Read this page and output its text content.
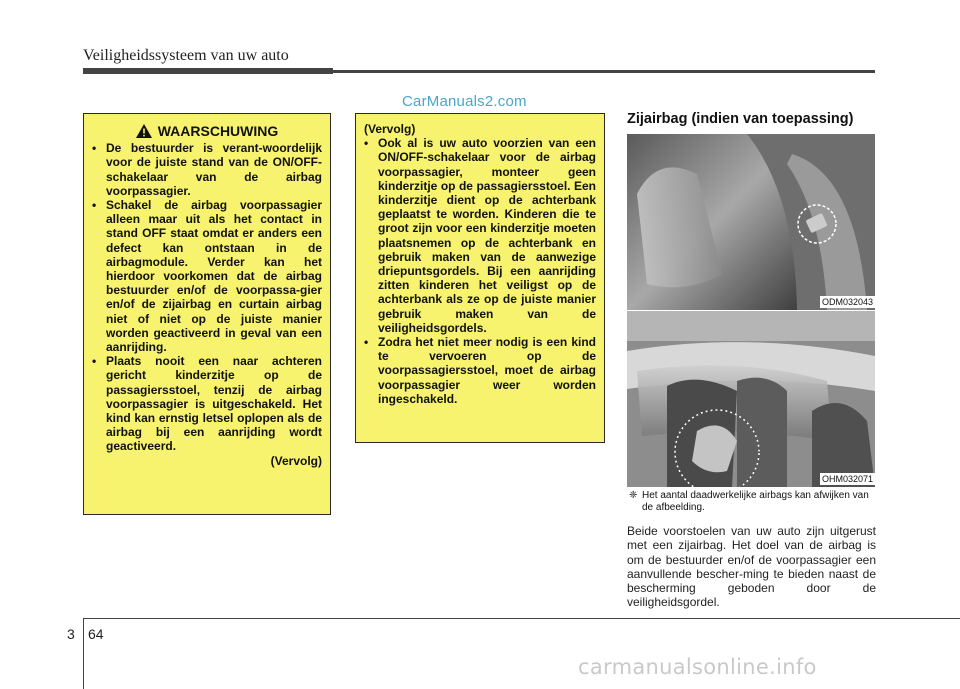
Veiligheidssysteem van uw auto
CarManuals2.com
WAARSCHUWING
• De bestuurder is verant-woordelijk voor de juiste stand van de ON/OFF-schakelaar van de airbag voorpassagier.
• Schakel de airbag voorpassagier alleen maar uit als het contact in stand OFF staat omdat er anders een defect kan ontstaan in de airbagmodule. Verder kan het hierdoor voorkomen dat de airbag bestuurder en/of de voorpassa-gier en/of de zijairbag en curtain airbag niet of niet op de juiste manier worden geactiveerd in geval van een aanrijding.
• Plaats nooit een naar achteren gericht kinderzitje op de passagiersstoel, tenzij de airbag voorpassagier is uitgeschakeld. Het kind kan ernstig letsel oplopen als de airbag bij een aanrijding wordt geactiveerd.
(Vervolg)
(Vervolg)
• Ook al is uw auto voorzien van een ON/OFF-schakelaar voor de airbag voorpassagier, monteer geen kinderzitje op de passagiersstoel. Een kinderzitje dient op de achterbank geplaatst te worden. Kinderen die te groot zijn voor een kinderzitje moeten plaatsnemen op de achterbank en gebruik maken van de aanwezige driepuntsgordels. Bij een aanrijding zitten kinderen het veiligst op de achterbank als ze op de juiste manier gebruik maken van de veiligheidsgordels.
• Zodra het niet meer nodig is een kind te vervoeren op de voorpassagiersstoel, moet de airbag voorpassagier weer worden ingeschakeld.
Zijairbag (indien van toepassing)
ODM032043
OHM032071
❈ Het aantal daadwerkelijke airbags kan afwijken van de afbeelding.
Beide voorstoelen van uw auto zijn uitgerust met een zijairbag. Het doel van de airbag is om de bestuurder en/of de voorpassagier een aanvullende bescher-ming te bieden naast de bescherming geboden door de veiligheidsgordel.
3 64
carmanualsonline.info
